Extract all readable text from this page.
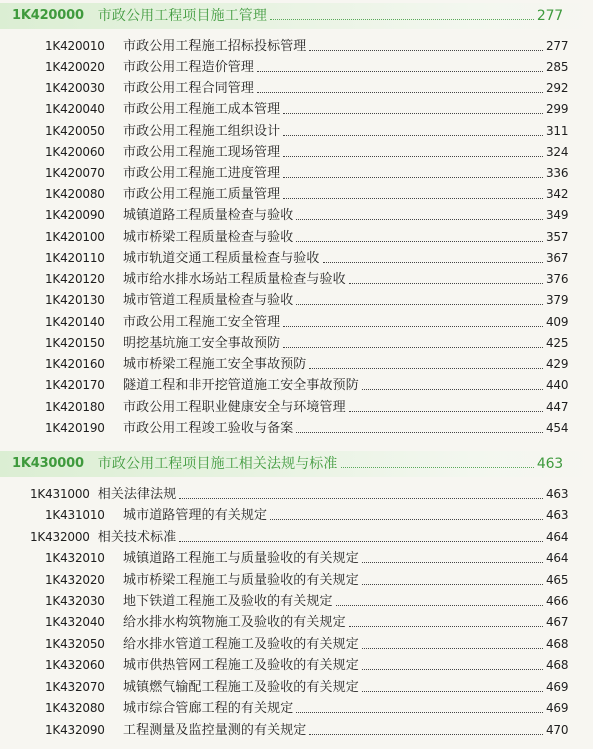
1K420000	市政公用工程项目施工管理	277
1K420010	市政公用工程施工招标投标管理	277
1K420020	市政公用工程造价管理	285
1K420030	市政公用工程合同管理	292
1K420040	市政公用工程施工成本管理	299
1K420050	市政公用工程施工组织设计	311
1K420060	市政公用工程施工现场管理	324
1K420070	市政公用工程施工进度管理	336
1K420080	市政公用工程施工质量管理	342
1K420090	城镇道路工程质量检查与验收	349
1K420100	城市桥梁工程质量检查与验收	357
1K420110	城市轨道交通工程质量检查与验收	367
1K420120	城市给水排水场站工程质量检查与验收	376
1K420130	城市管道工程质量检查与验收	379
1K420140	市政公用工程施工安全管理	409
1K420150	明挖基坑施工安全事故预防	425
1K420160	城市桥梁工程施工安全事故预防	429
1K420170	隧道工程和非开挖管道施工安全事故预防	440
1K420180	市政公用工程职业健康安全与环境管理	447
1K420190	市政公用工程竣工验收与备案	454
1K430000	市政公用工程项目施工相关法规与标准	463
1K431000 相关法律法规	463
1K431010	城市道路管理的有关规定	463
1K432000 相关技术标准	464
1K432010	城镇道路工程施工与质量验收的有关规定	464
1K432020	城市桥梁工程施工与质量验收的有关规定	465
1K432030	地下铁道工程施工及验收的有关规定	466
1K432040	给水排水构筑物施工及验收的有关规定	467
1K432050	给水排水管道工程施工及验收的有关规定	468
1K432060	城市供热管网工程施工及验收的有关规定	468
1K432070	城镇燃气输配工程施工及验收的有关规定	469
1K432080	城市综合管廊工程的有关规定	469
1K432090	工程测量及监控量测的有关规定	470
